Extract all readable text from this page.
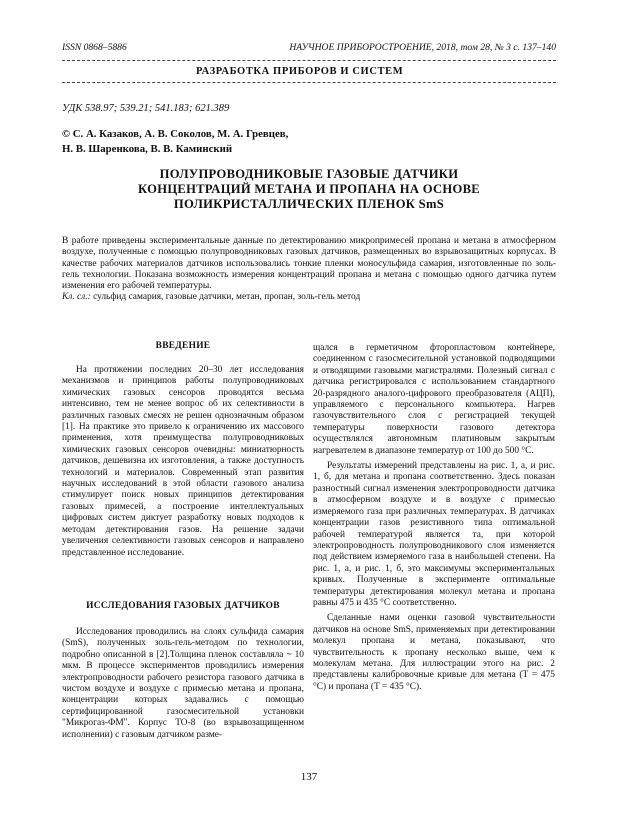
ISSN 0868–5886	НАУЧНОЕ ПРИБОРОСТРОЕНИЕ, 2018, том 28, № 3 с. 137–140
РАЗРАБОТКА ПРИБОРОВ И СИСТЕМ
УДК 538.97; 539.21; 541.183; 621.389
© С. А. Казаков, А. В. Соколов, М. А. Гревцев,
Н. В. Шаренкова, В. В. Каминский
ПОЛУПРОВОДНИКОВЫЕ ГАЗОВЫЕ ДАТЧИКИ
КОНЦЕНТРАЦИЙ МЕТАНА И ПРОПАНА НА ОСНОВЕ
ПОЛИКРИСТАЛЛИЧЕСКИХ ПЛЕНОК SmS
В работе приведены экспериментальные данные по детектированию микропримесей пропана и метана в атмосферном воздухе, полученные с помощью полупроводниковых газовых датчиков, размещенных во взрывозащитных корпусах. В качестве рабочих материалов датчиков использовались тонкие пленки моносульфида самария, изготовленные по золь-гель технологии. Показана возможность измерения концентраций пропана и метана с помощью одного датчика путем изменения его рабочей температуры.
Кл. сл.: сульфид самария, газовые датчики, метан, пропан, золь-гель метод
ВВЕДЕНИЕ

На протяжении последних 20–30 лет исследования механизмов и принципов работы полупроводниковых химических газовых сенсоров проводятся весьма интенсивно, тем не менее вопрос об их селективности в различных газовых смесях не решен однозначным образом [1]. На практике это привело к ограничению их массового применения, хотя преимущества полупроводниковых химических газовых сенсоров очевидны: миниатюрность датчиков, дешевизна их изготовления, а также доступность технологий и материалов. Современный этап развития научных исследований в этой области газового анализа стимулирует поиск новых принципов детектирования газовых примесей, а построение интеллектуальных цифровых систем диктует разработку новых подходов к методам детектирования газов. На решение задачи увеличения селективности газовых сенсоров и направлено представленное исследование.

ИССЛЕДОВАНИЯ ГАЗОВЫХ ДАТЧИКОВ

Исследования проводились на слоях сульфида самария (SmS), полученных золь-гель-методом по технологии, подробно описанной в [2].Толщина пленок составляла ~ 10 мкм. В процессе экспериментов проводились измерения электропроводности рабочего резистора газового датчика в чистом воздухе и воздухе с примесью метана и пропана, концентрации которых задавались с помощью сертифицированной газосмесительной установки "Микрогаз-ФМ". Корпус ТО-8 (во взрывозащищенном исполнении) с газовым датчиком разме-

щался в герметичном фторопластовом контейнере, соединенном с газосмесительной установкой подводящими и отводящими газовыми магистралями. Полезный сигнал с датчика регистрировался с использованием стандартного 20-разрядного аналого-цифрового преобразователя (АЦП), управляемого с персонального компьютера. Нагрев газочувствительного слоя с регистрацией текущей температуры поверхности газового детектора осуществлялся автономным платиновым закрытым нагревателем в диапазоне температур от 100 до 500 °С.

Результаты измерений представлены на рис. 1, а, и рис. 1, б, для метана и пропана соответственно. Здесь показан разностный сигнал изменения электропроводности датчика в атмосферном воздухе и в воздухе с примесью измеряемого газа при различных температурах. В датчиках концентрации газов резистивного типа оптимальной рабочей температурой является та, при которой электропроводность полупроводникового слоя изменяется под действием измеряемого газа в наибольшей степени. На рис. 1, а, и рис. 1, б, это максимумы экспериментальных кривых. Полученные в эксперименте оптимальные температуры детектирования молекул метана и пропана равны 475 и 435 °С соответственно.

Сделанные нами оценки газовой чувствительности датчиков на основе SmS, применяемых при детектировании молекул пропана и метана, показывают, что чувствительность к пропану несколько выше, чем к молекулам метана. Для иллюстрации этого на рис. 2 представлены калибровочные кривые для метана (T = 475 °С) и пропана (T = 435 °С).

137
